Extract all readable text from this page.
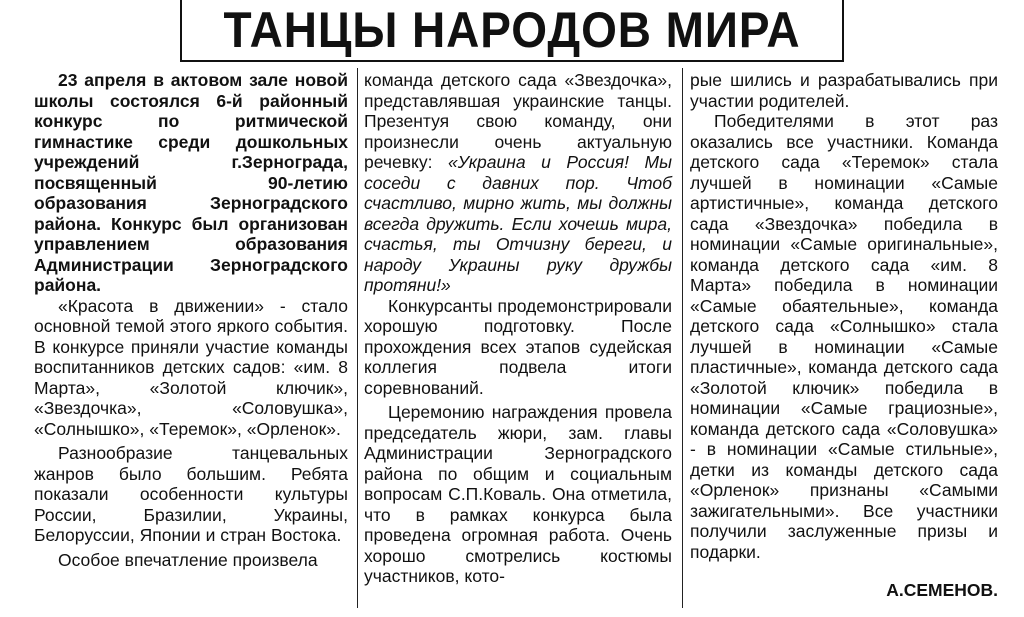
ТАНЦЫ НАРОДОВ МИРА

23 апреля в актовом зале новой школы состоялся 6-й районный конкурс по ритмической гимнастике среди дошкольных учреждений г.Зернограда, посвященный 90-летию образования Зерноградского района. Конкурс был организован управлением образования Администрации Зерноградского района.

«Красота в движении» - стало основной темой этого яркого события. В конкурсе приняли участие команды воспитанников детских садов: «им. 8 Марта», «Золотой ключик», «Звездочка», «Соловушка», «Солнышко», «Теремок», «Орленок».

Разнообразие танцевальных жанров было большим. Ребята показали особенности культуры России, Бразилии, Украины, Белоруссии, Японии и стран Востока.

Особое впечатление произвела

команда детского сада «Звездочка», представлявшая украинские танцы. Презентуя свою команду, они произнесли очень актуальную речевку: «Украина и Россия! Мы соседи с давних пор. Чтоб счастливо, мирно жить, мы должны всегда дружить. Если хочешь мира, счастья, ты Отчизну береги, и народу Украины руку дружбы протяни!»

Конкурсанты продемонстрировали хорошую подготовку. После прохождения всех этапов судейская коллегия подвела итоги соревнований.

Церемонию награждения провела председатель жюри, зам. главы Администрации Зерноградского района по общим и социальным вопросам С.П.Коваль. Она отметила, что в рамках конкурса была проведена огромная работа. Очень хорошо смотрелись костюмы участников, кото-

рые шились и разрабатывались при участии родителей.

Победителями в этот раз оказались все участники. Команда детского сада «Теремок» стала лучшей в номинации «Самые артистичные», команда детского сада «Звездочка» победила в номинации «Самые оригинальные», команда детского сада «им. 8 Марта» победила в номинации «Самые обаятельные», команда детского сада «Солнышко» стала лучшей в номинации «Самые пластичные», команда детского сада «Золотой ключик» победила в номинации «Самые грациозные», команда детского сада «Соловушка» - в номинации «Самые стильные», детки из команды детского сада «Орленок» признаны «Самыми зажигательными». Все участники получили заслуженные призы и подарки.

А.СЕМЕНОВ.
